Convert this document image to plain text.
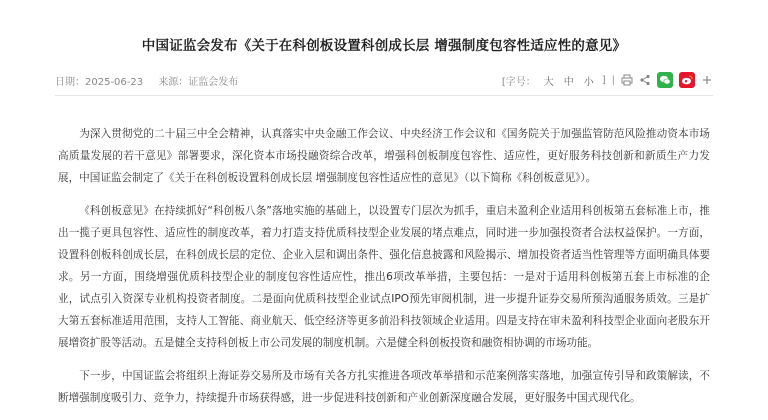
中国证监会发布《关于在科创板设置科创成长层 增强制度包容性适应性的意见》
日期：2025-06-23 来源：证监会发布	[字号： 大 中 小 ] |

为深入贯彻党的二十届三中全会精神，认真落实中央金融工作会议、中央经济工作会议和《国务院关于加强监管防范风险推动资本市场高质量发展的若干意见》部署要求，深化资本市场投融资综合改革，增强科创板制度包容性、适应性，更好服务科技创新和新质生产力发展，中国证监会制定了《关于在科创板设置科创成长层 增强制度包容性适应性的意见》（以下简称《科创板意见》）。

《科创板意见》在持续抓好“科创板八条”落地实施的基础上，以设置专门层次为抓手，重启未盈利企业适用科创板第五套标准上市，推出一揽子更具包容性、适应性的制度改革，着力打造支持优质科技型企业发展的堵点难点，同时进一步加强投资者合法权益保护。一方面，设置科创板科创成长层，在科创成长层的定位、企业入层和调出条件、强化信息披露和风险揭示、增加投资者适当性管理等方面明确具体要求。另一方面，围绕增强优质科技型企业的制度包容性适应性，推出6项改革举措，主要包括：一是对于适用科创板第五套上市标准的企业，试点引入资深专业机构投资者制度。二是面向优质科技型企业试点IPO预先审阅机制，进一步提升证券交易所预沟通服务质效。三是扩大第五套标准适用范围，支持人工智能、商业航天、低空经济等更多前沿科技领域企业适用。四是支持在审未盈利科技型企业面向老股东开展增资扩股等活动。五是健全支持科创板上市公司发展的制度机制。六是健全科创板投资和融资相协调的市场功能。

下一步，中国证监会将组织上海证券交易所及市场有关各方扎实推进各项改革举措和示范案例落实落地，加强宣传引导和政策解读，不断增强制度吸引力、竞争力，持续提升市场获得感，进一步促进科技创新和产业创新深度融合发展，更好服务中国式现代化。
